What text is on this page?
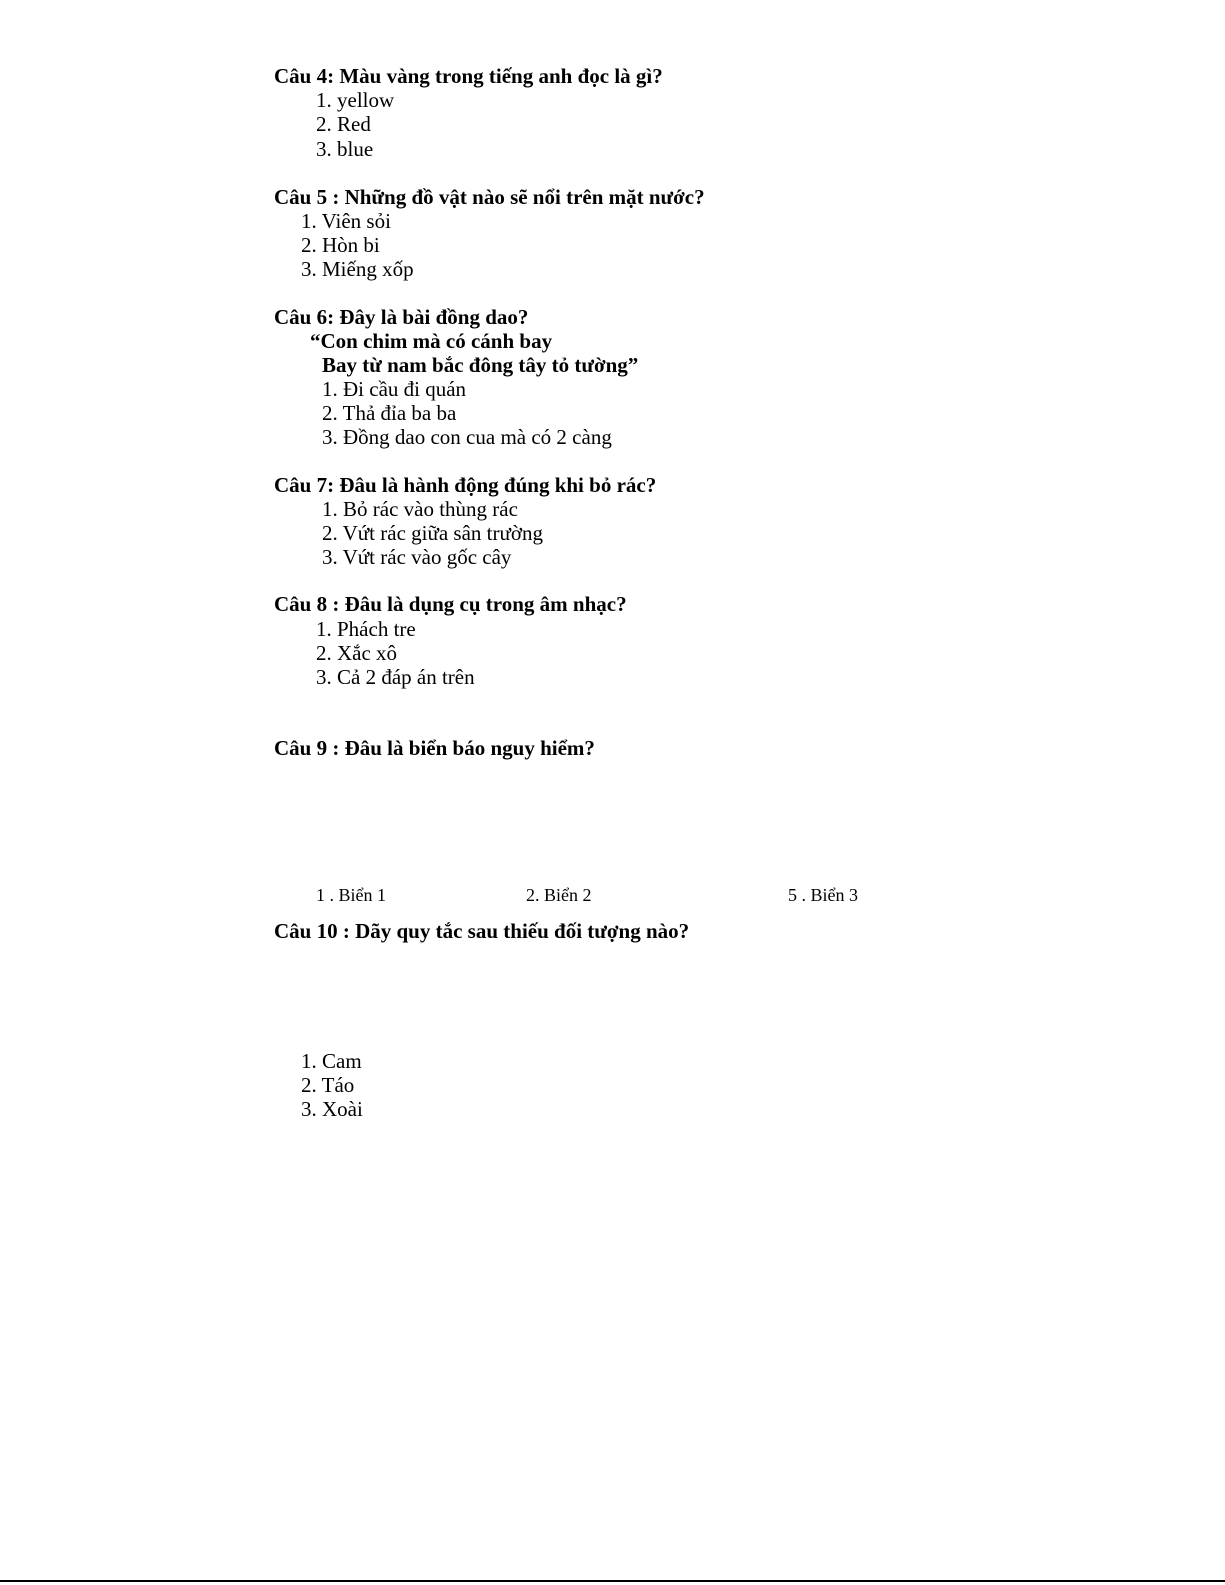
Câu 4: Màu vàng trong tiếng anh đọc là gì?
1. yellow
2. Red
3. blue
Câu 5 : Những đồ vật nào sẽ nổi trên mặt nước?
1. Viên sỏi
2. Hòn bi
3. Miếng xốp
Câu 6: Đây là bài đồng dao?
“Con chim mà có cánh bay
Bay từ nam bắc đông tây tỏ tường”
1. Đi cầu đi quán
2. Thả đỉa ba ba
3. Đồng dao con cua mà có 2 càng
Câu 7: Đâu là hành động đúng khi bỏ rác?
1. Bỏ rác vào thùng rác
2. Vứt rác giữa sân trường
3. Vứt rác vào gốc cây
Câu 8 : Đâu là dụng cụ trong âm nhạc?
1. Phách tre
2. Xắc xô
3. Cả 2 đáp án trên
Câu 9 : Đâu là biển báo nguy hiểm?
1 . Biển 1	2. Biển 2	5 . Biển 3
Câu 10 : Dãy quy tắc sau thiếu đối tượng nào?
1. Cam
2. Táo
3. Xoài
